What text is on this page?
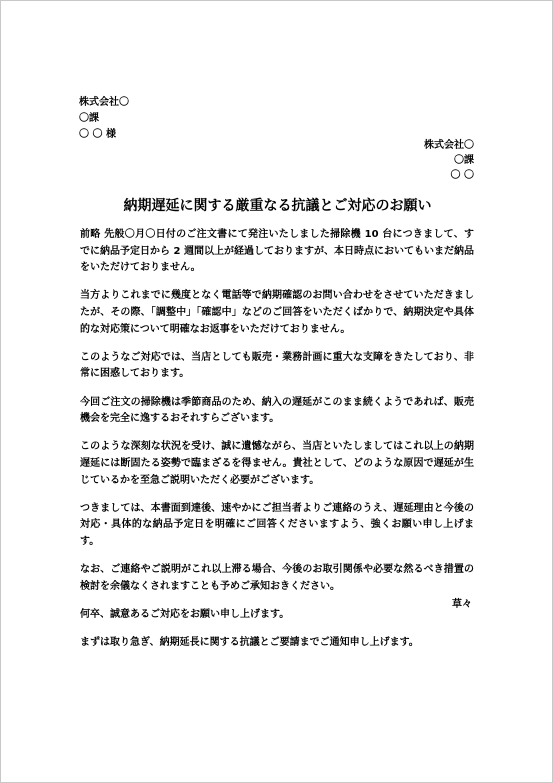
株式会社〇
〇課
〇 〇 様
株式会社〇
〇課
〇 〇
納期遅延に関する厳重なる抗議とご対応のお願い

前略 先般〇月〇日付のご注文書にて発注いたしました掃除機 10 台につきまして、すでに納品予定日から 2 週間以上が経過しておりますが、本日時点においてもいまだ納品をいただけておりません。

当方よりこれまでに幾度となく電話等で納期確認のお問い合わせをさせていただきましたが、その際、「調整中」「確認中」などのご回答をいただくばかりで、納期決定や具体的な対応策について明確なお返事をいただけておりません。

このようなご対応では、当店としても販売・業務計画に重大な支障をきたしており、非常に困惑しております。

今回ご注文の掃除機は季節商品のため、納入の遅延がこのまま続くようであれば、販売機会を完全に逸するおそれすらございます。

このような深刻な状況を受け、誠に遺憾ながら、当店といたしましてはこれ以上の納期遅延には断固たる姿勢で臨まざるを得ません。貴社として、どのような原因で遅延が生じているかを至急ご説明いただく必要がございます。

つきましては、本書面到達後、速やかにご担当者よりご連絡のうえ、遅延理由と今後の対応・具体的な納品予定日を明確にご回答くださいますよう、強くお願い申し上げます。

なお、ご連絡やご説明がこれ以上滞る場合、今後のお取引関係や必要な然るべき措置の検討を余儀なくされますことも予めご承知おきください。

何卒、誠意あるご対応をお願い申し上げます。

まずは取り急ぎ、納期延長に関する抗議とご要請までご通知申し上げます。

草々
